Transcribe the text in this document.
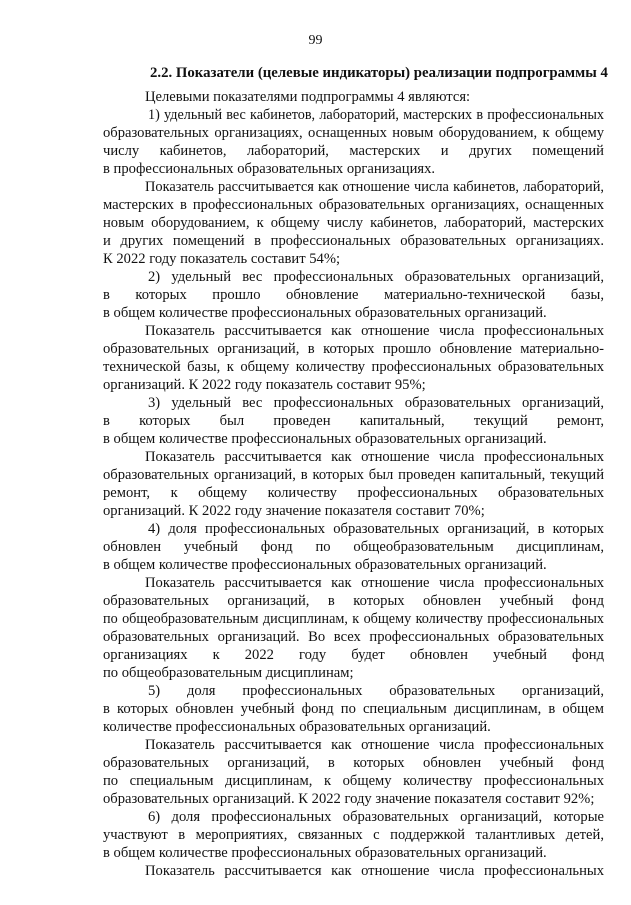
99
2.2. Показатели (целевые индикаторы) реализации подпрограммы 4
Целевыми показателями подпрограммы 4 являются:
1) удельный вес кабинетов, лабораторий, мастерских в профессиональных
образовательных организациях, оснащенных новым оборудованием, к общему
числу кабинетов, лабораторий, мастерских и других помещений
в профессиональных образовательных организациях.
Показатель рассчитывается как отношение числа кабинетов, лабораторий,
мастерских в профессиональных образовательных организациях, оснащенных
новым оборудованием, к общему числу кабинетов, лабораторий, мастерских
и других помещений в профессиональных образовательных организациях.
К 2022 году показатель составит 54%;
2) удельный вес профессиональных образовательных организаций,
в которых прошло обновление материально-технической базы,
в общем количестве профессиональных образовательных организаций.
Показатель рассчитывается как отношение числа профессиональных
образовательных организаций, в которых прошло обновление материально-
технической базы, к общему количеству профессиональных образовательных
организаций. К 2022 году показатель составит 95%;
3) удельный вес профессиональных образовательных организаций,
в которых был проведен капитальный, текущий ремонт,
в общем количестве профессиональных образовательных организаций.
Показатель рассчитывается как отношение числа профессиональных
образовательных организаций, в которых был проведен капитальный, текущий
ремонт, к общему количеству профессиональных образовательных
организаций. К 2022 году значение показателя составит 70%;
4) доля профессиональных образовательных организаций, в которых
обновлен учебный фонд по общеобразовательным дисциплинам,
в общем количестве профессиональных образовательных организаций.
Показатель рассчитывается как отношение числа профессиональных
образовательных организаций, в которых обновлен учебный фонд
по общеобразовательным дисциплинам, к общему количеству профессиональных
образовательных организаций. Во всех профессиональных образовательных
организациях к 2022 году будет обновлен учебный фонд
по общеобразовательным дисциплинам;
5) доля профессиональных образовательных организаций,
в которых обновлен учебный фонд по специальным дисциплинам, в общем
количестве профессиональных образовательных организаций.
Показатель рассчитывается как отношение числа профессиональных
образовательных организаций, в которых обновлен учебный фонд
по специальным дисциплинам, к общему количеству профессиональных
образовательных организаций. К 2022 году значение показателя составит 92%;
6) доля профессиональных образовательных организаций, которые
участвуют в мероприятиях, связанных с поддержкой талантливых детей,
в общем количестве профессиональных образовательных организаций.
Показатель рассчитывается как отношение числа профессиональных
